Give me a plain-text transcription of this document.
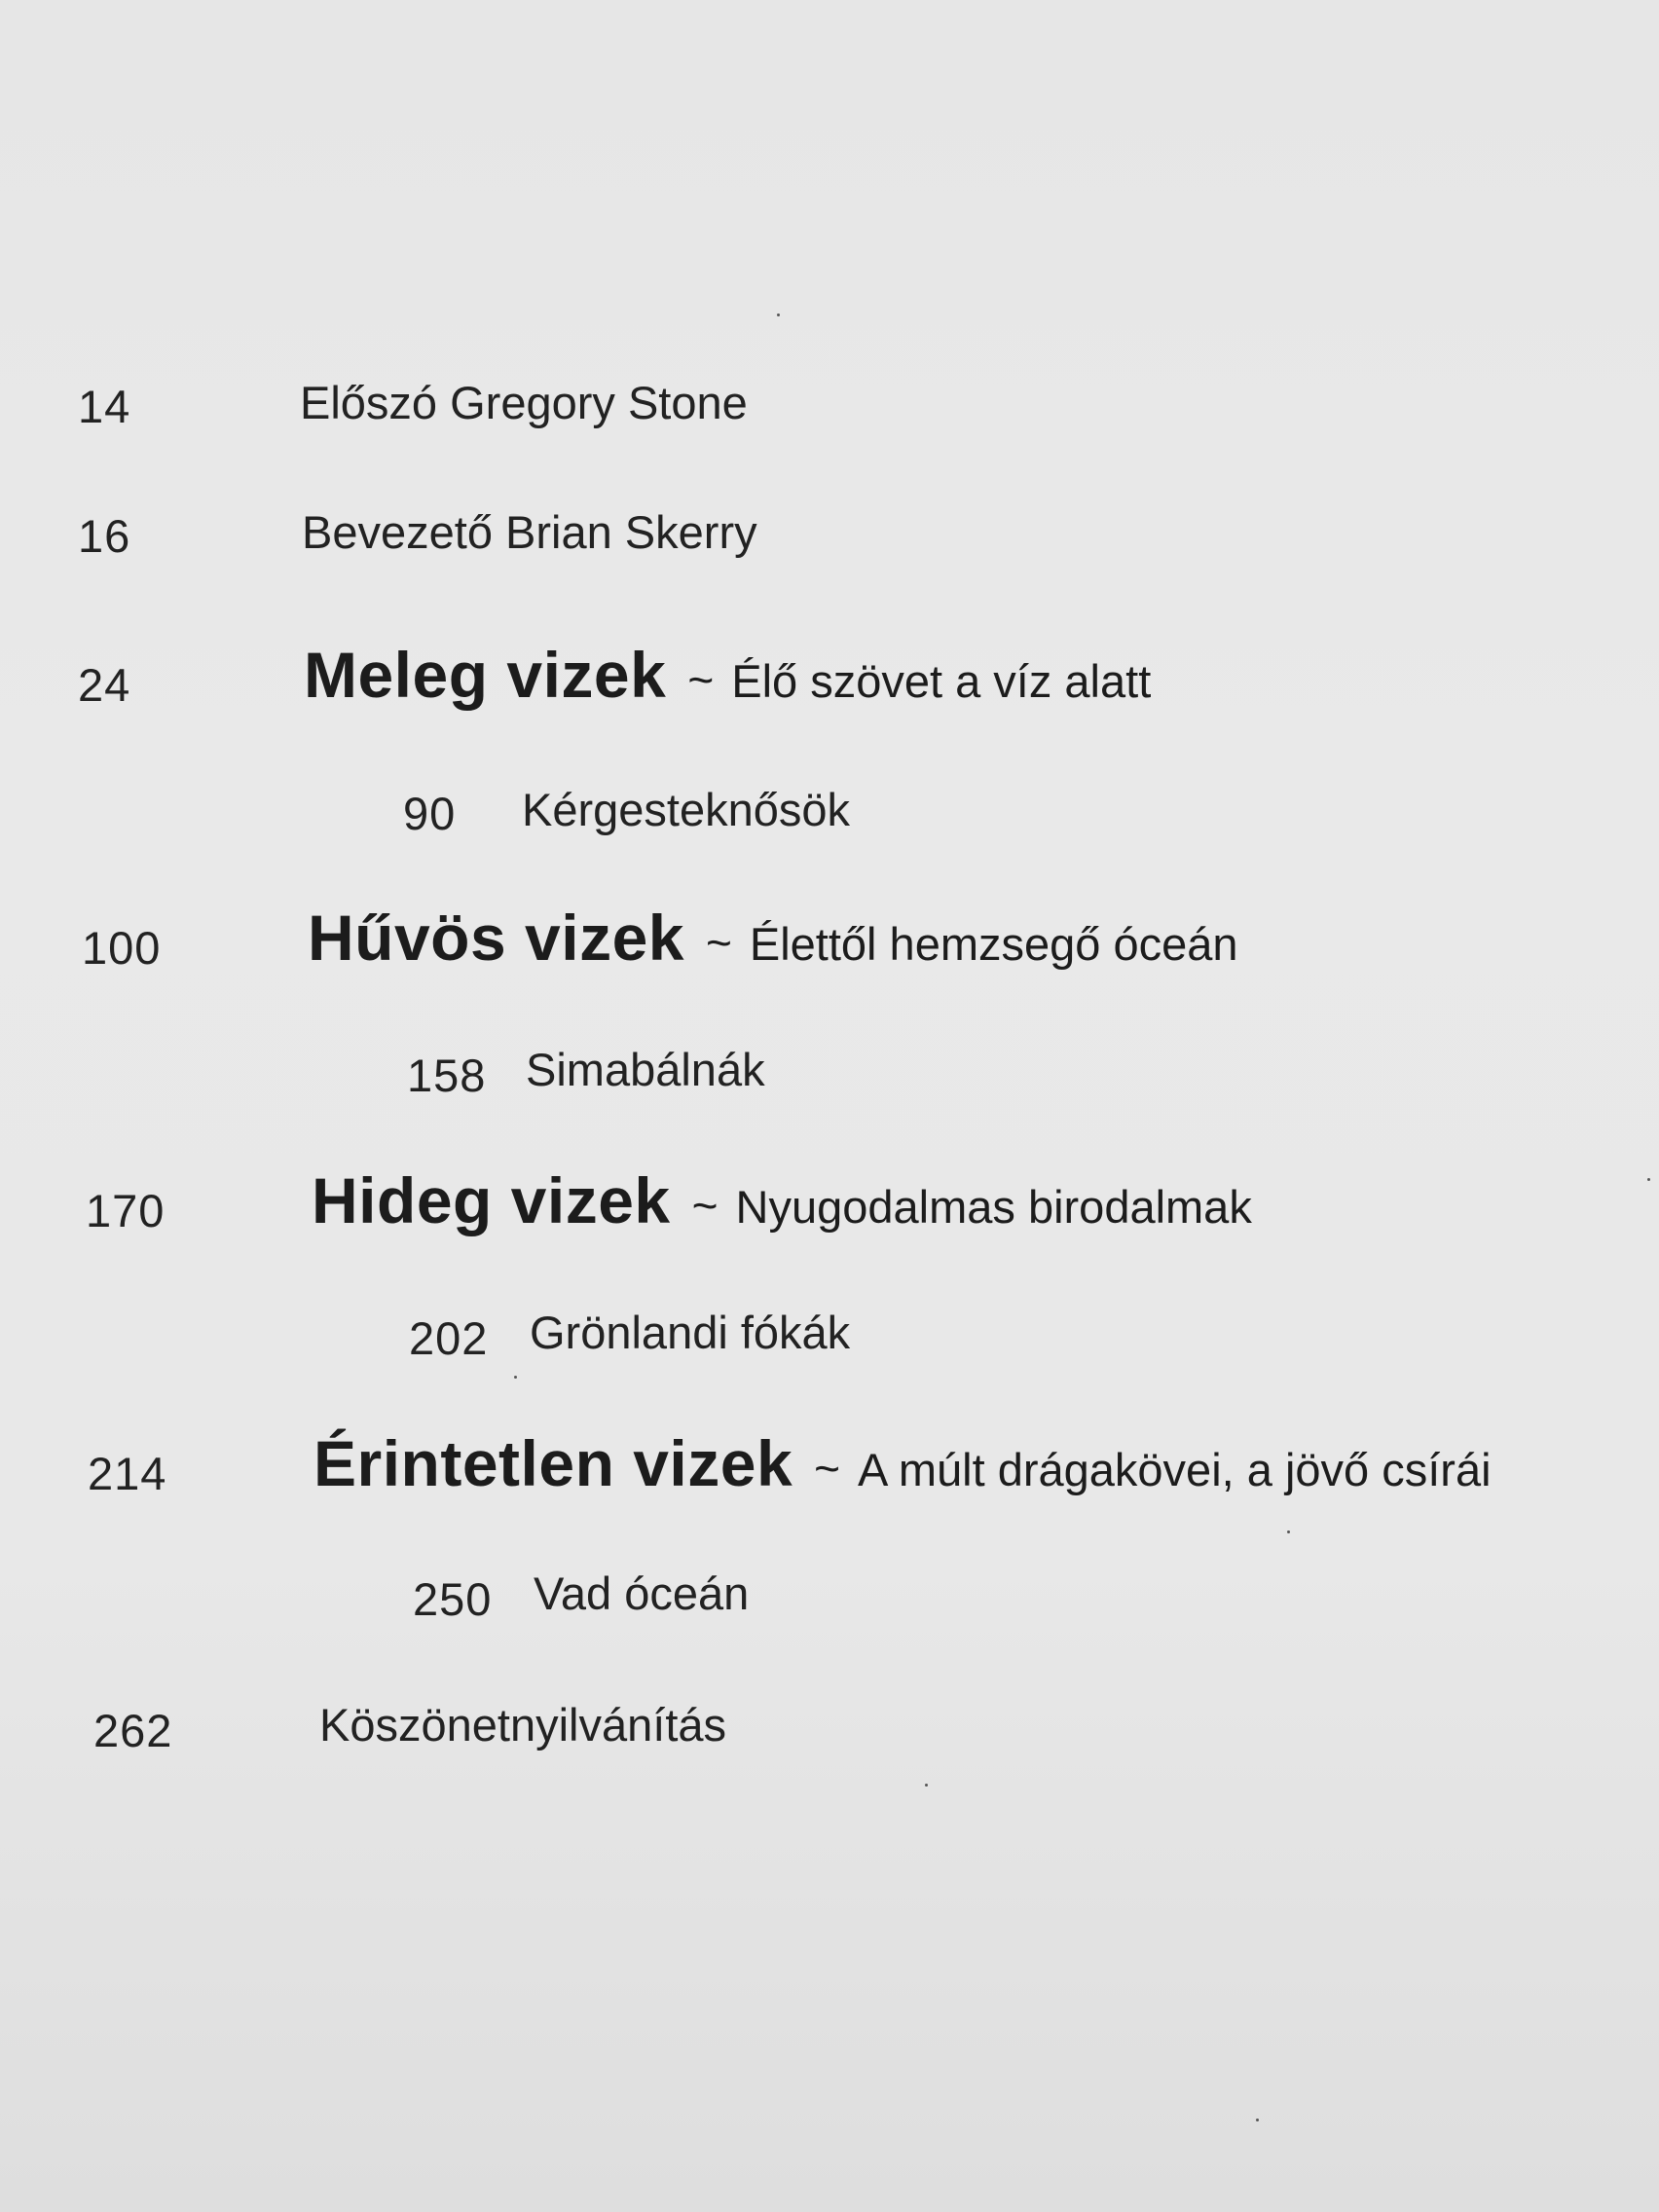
14	Előszó Gregory Stone
16	Bevezető Brian Skerry
24	Meleg vizek ~ Élő szövet a víz alatt
90 Kérgesteknősök
100 Hűvös vizek ~ Élettől hemzsegő óceán
158 Simabálnák
170 Hideg vizek ~ Nyugodalmas birodalmak
202 Grönlandi fókák
214 Érintetlen vizek ~ A múlt drágakövei, a jövő csírái
250 Vad óceán
262	Köszönetnyilvánítás
